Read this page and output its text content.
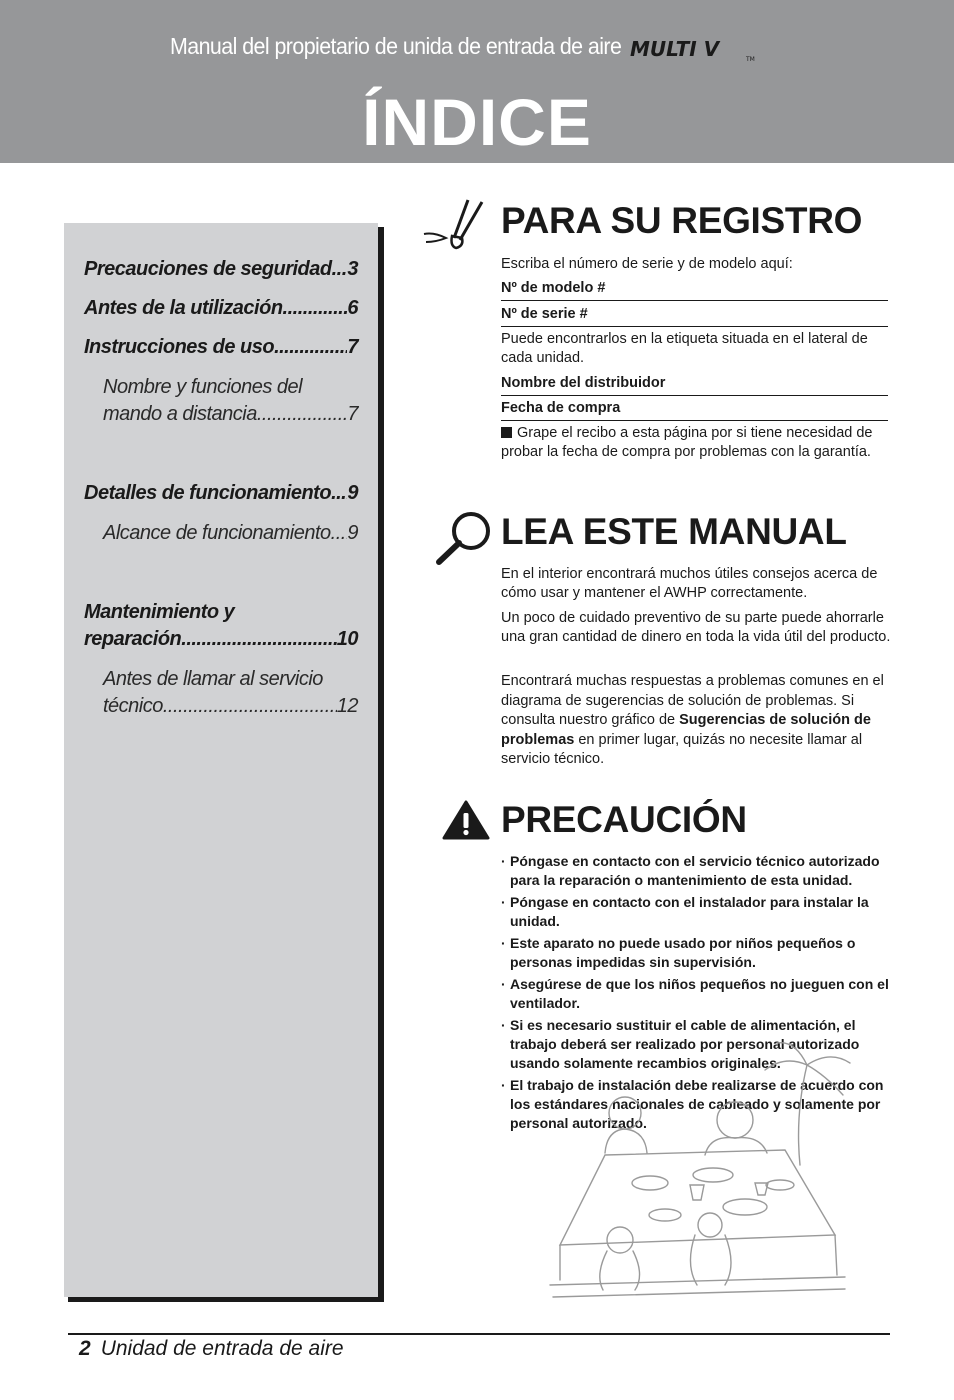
Manual del propietario de unida de entrada de aire MULTI V	TM
ÍNDICE
Precauciones de seguridad ..... 3
Antes de la utilización .....	6
Instrucciones de uso .....	7
Nombre y funciones del
mando a distancia .....	7
Detalles de funcionamiento ..... 9
Alcance de funcionamiento ..... 9
Mantenimiento y
reparación .....	10
Antes de llamar al servicio
técnico .....	12
PARA SU REGISTRO
Escriba el número de serie y de modelo aquí:
Nº de modelo #
Nº de serie #
Puede encontrarlos en la etiqueta situada en el lateral de cada unidad.
Nombre del distribuidor
Fecha de compra
Grape el recibo a esta página por si tiene necesidad de probar la fecha de compra por problemas con la garantía.
LEA ESTE MANUAL
En el interior encontrará muchos útiles consejos acerca de cómo usar y mantener el AWHP correctamente.
Un poco de cuidado preventivo de su parte puede ahorrarle una gran cantidad de dinero en toda la vida útil del producto.
Encontrará muchas respuestas a problemas comunes en el diagrama de sugerencias de solución de problemas. Si consulta nuestro gráfico de Sugerencias de solución de problemas en primer lugar, quizás no necesite llamar al servicio técnico.
PRECAUCIÓN
· Póngase en contacto con el servicio técnico autorizado para la reparación o mantenimiento de esta unidad.
· Póngase en contacto con el instalador para instalar la unidad.
· Este aparato no puede usado por niños pequeños o personas impedidas sin supervisión.
· Asegúrese de que los niños pequeños no jueguen con el ventilador.
· Si es necesario sustituir el cable de alimentación, el trabajo deberá ser realizado por personal autorizado usando solamente recambios originales.
· El trabajo de instalación debe realizarse de acuerdo con los estándares nacionales de cableado y solamente por personal autorizado.
2 Unidad de entrada de aire
